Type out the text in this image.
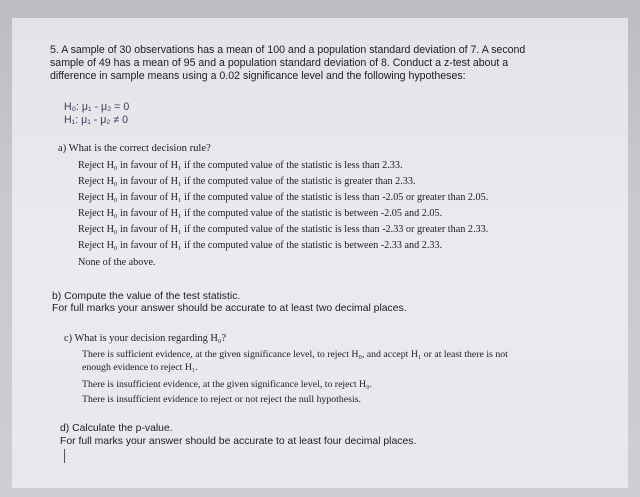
5. A sample of 30 observations has a mean of 100 and a population standard deviation of 7. A second
sample of 49 has a mean of 95 and a population standard deviation of 8. Conduct a z-test about a
difference in sample means using a 0.02 significance level and the following hypotheses:
H₀: μ₁ - μ₂ = 0
H₁: μ₁ - μ₂ ≠ 0
a) What is the correct decision rule?
Reject H₀ in favour of H₁ if the computed value of the statistic is less than 2.33.
Reject H₀ in favour of H₁ if the computed value of the statistic is greater than 2.33.
Reject H₀ in favour of H₁ if the computed value of the statistic is less than -2.05 or greater than 2.05.
Reject H₀ in favour of H₁ if the computed value of the statistic is between -2.05 and 2.05.
Reject H₀ in favour of H₁ if the computed value of the statistic is less than -2.33 or greater than 2.33.
Reject H₀ in favour of H₁ if the computed value of the statistic is between -2.33 and 2.33.
None of the above.
b) Compute the value of the test statistic.
For full marks your answer should be accurate to at least two decimal places.
c) What is your decision regarding H₀?
There is sufficient evidence, at the given significance level, to reject H₀, and accept H₁ or at least there is not
enough evidence to reject H₁.
There is insufficient evidence, at the given significance level, to reject H₀.
There is insufficient evidence to reject or not reject the null hypothesis.
d) Calculate the p-value.
For full marks your answer should be accurate to at least four decimal places.
